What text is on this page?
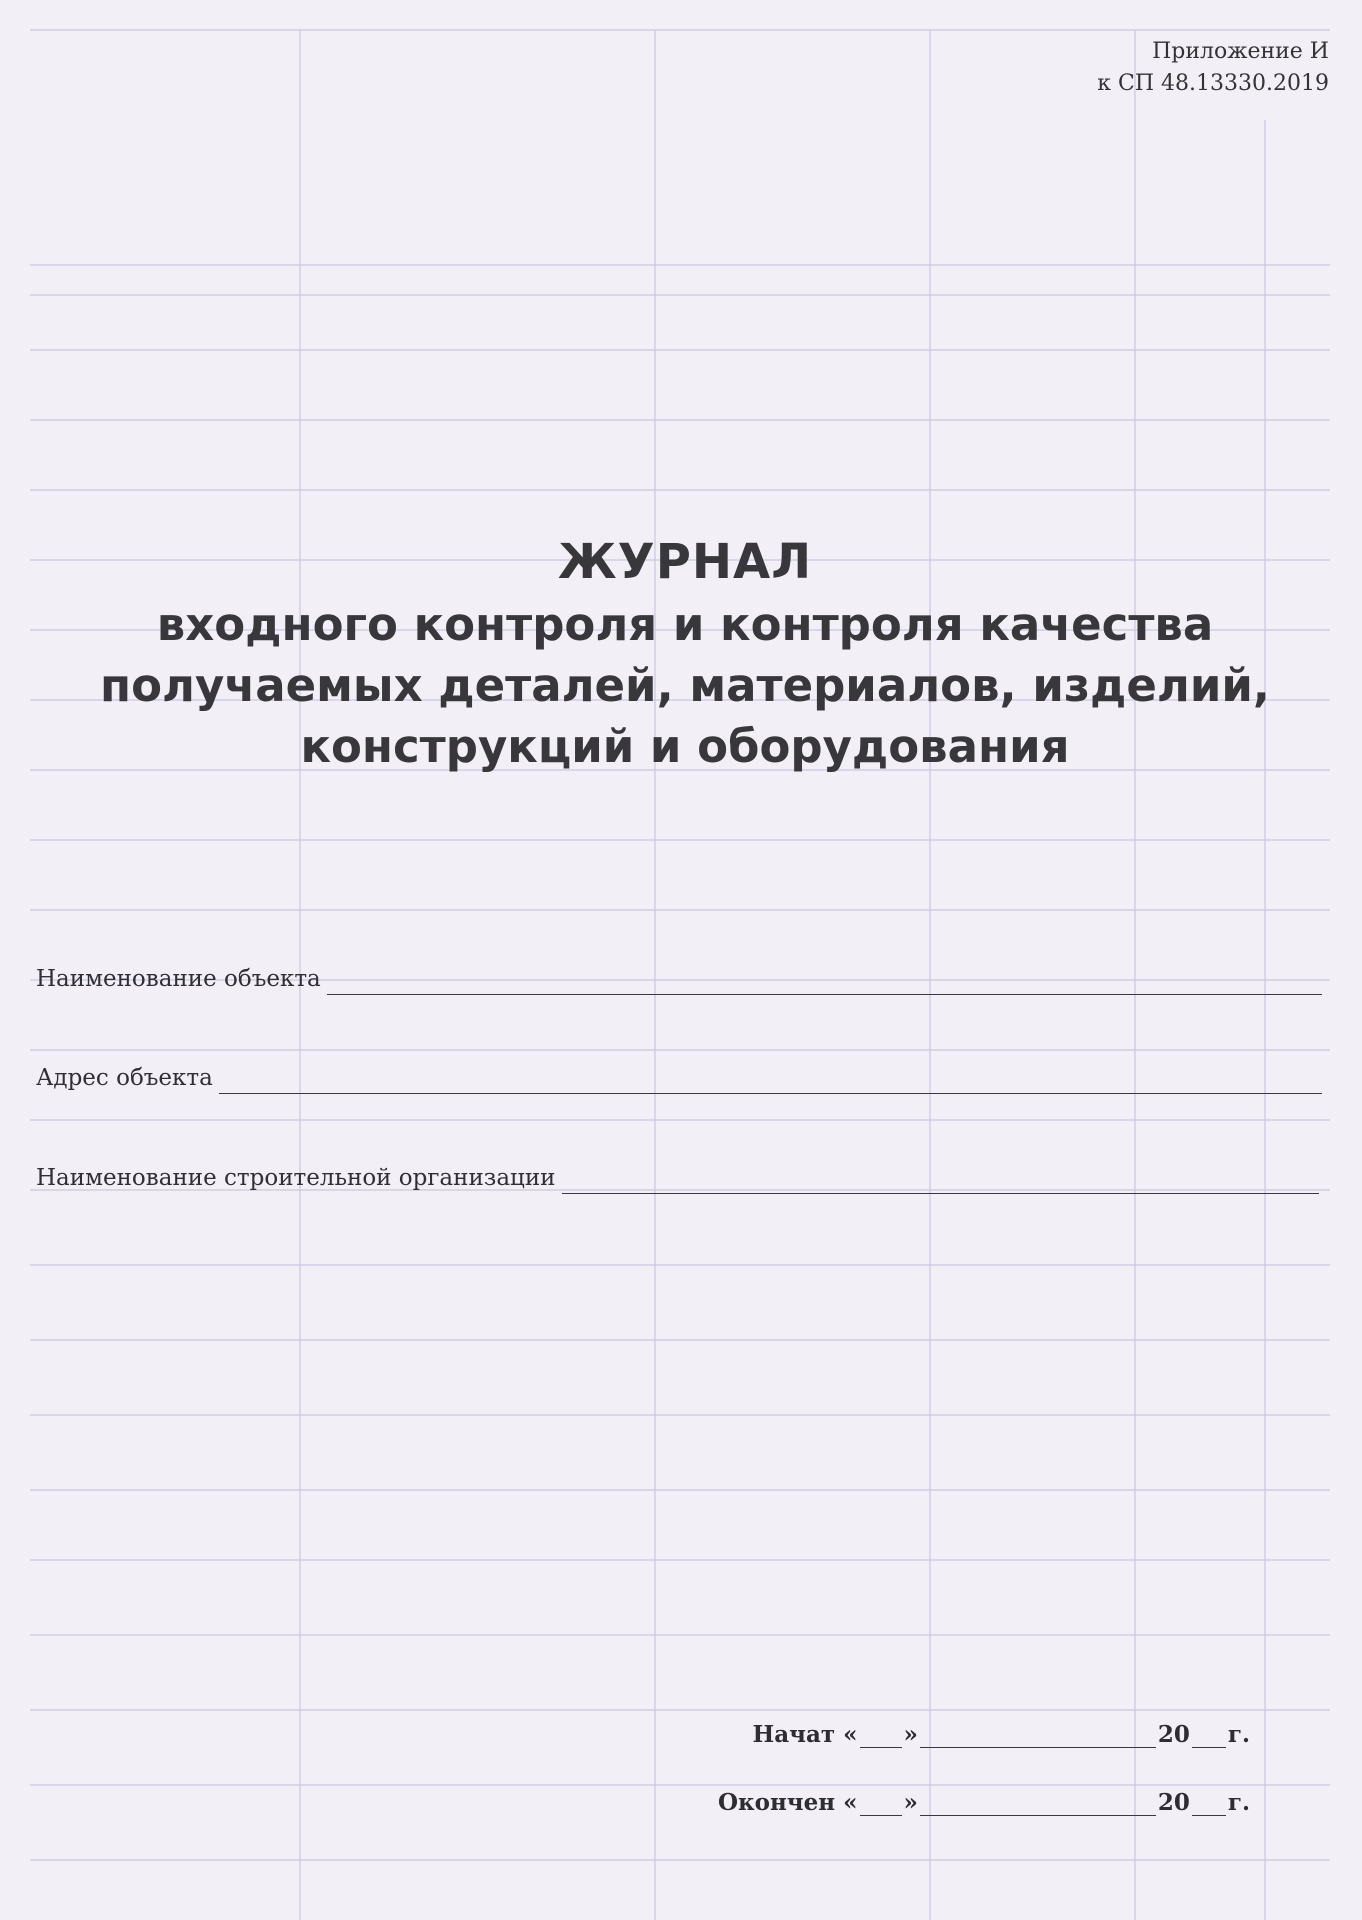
Приложение И
к СП 48.13330.2019
ЖУРНАЛ
входного контроля и контроля качества
получаемых деталей, материалов, изделий,
конструкций и оборудования
Наименование объекта
Адрес объекта
Наименование строительной организации
Начат
« »	20 г.
Окончен
« »	20 г.
